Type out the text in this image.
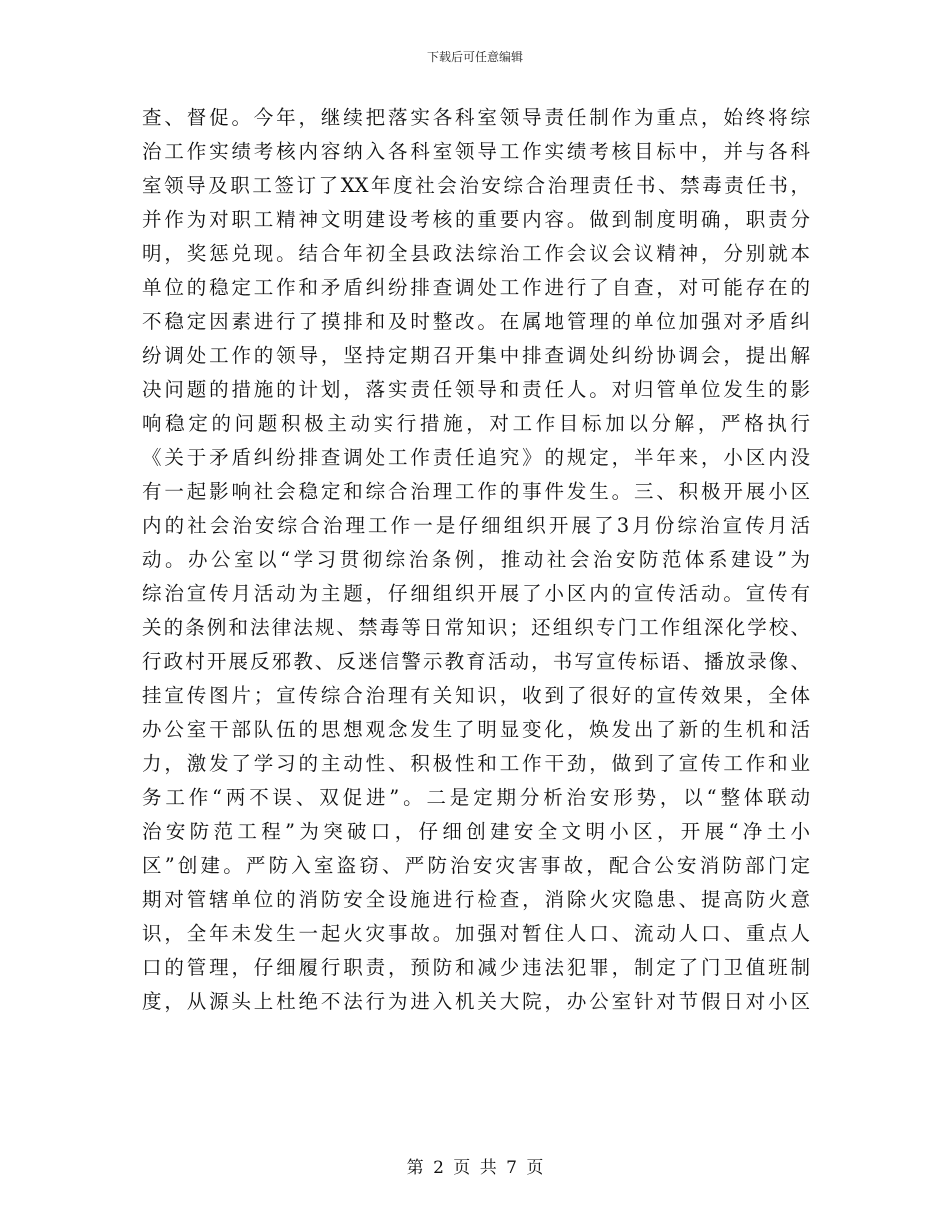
下载后可任意编辑
查、督促。今年，继续把落实各科室领导责任制作为重点，始终将综
治工作实绩考核内容纳入各科室领导工作实绩考核目标中，并与各科
室领导及职工签订了XX年度社会治安综合治理责任书、禁毒责任书，
并作为对职工精神文明建设考核的重要内容。做到制度明确，职责分
明，奖惩兑现。结合年初全县政法综治工作会议会议精神，分别就本
单位的稳定工作和矛盾纠纷排查调处工作进行了自查，对可能存在的
不稳定因素进行了摸排和及时整改。在属地管理的单位加强对矛盾纠
纷调处工作的领导，坚持定期召开集中排查调处纠纷协调会，提出解
决问题的措施的计划，落实责任领导和责任人。对归管单位发生的影
响稳定的问题积极主动实行措施，对工作目标加以分解，严格执行
《关于矛盾纠纷排查调处工作责任追究》的规定，半年来，小区内没
有一起影响社会稳定和综合治理工作的事件发生。三、积极开展小区
内的社会治安综合治理工作一是仔细组织开展了3月份综治宣传月活
动。办公室以“学习贯彻综治条例，推动社会治安防范体系建设”为
综治宣传月活动为主题，仔细组织开展了小区内的宣传活动。宣传有
关的条例和法律法规、禁毒等日常知识；还组织专门工作组深化学校、
行政村开展反邪教、反迷信警示教育活动，书写宣传标语、播放录像、
挂宣传图片；宣传综合治理有关知识，收到了很好的宣传效果，全体
办公室干部队伍的思想观念发生了明显变化，焕发出了新的生机和活
力，激发了学习的主动性、积极性和工作干劲，做到了宣传工作和业
务工作“两不误、双促进”。二是定期分析治安形势，以“整体联动
治安防范工程”为突破口，仔细创建安全文明小区，开展“净土小
区”创建。严防入室盗窃、严防治安灾害事故，配合公安消防部门定
期对管辖单位的消防安全设施进行检查，消除火灾隐患、提高防火意
识，全年未发生一起火灾事故。加强对暂住人口、流动人口、重点人
口的管理，仔细履行职责，预防和减少违法犯罪，制定了门卫值班制
度，从源头上杜绝不法行为进入机关大院，办公室针对节假日对小区
第 2 页 共 7 页
